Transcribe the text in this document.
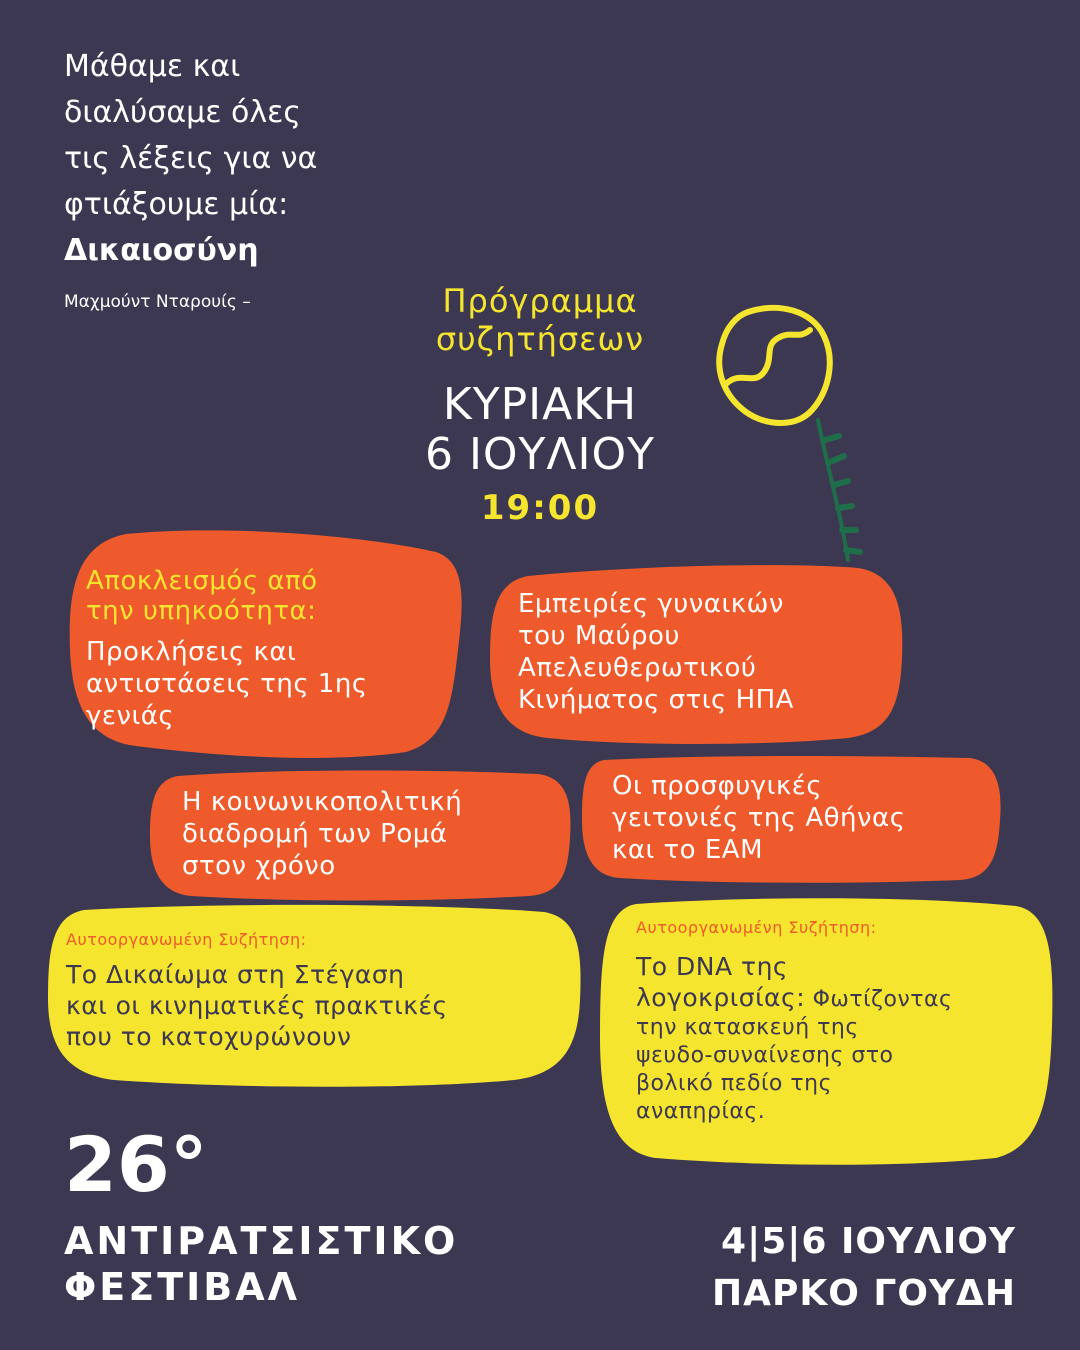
Μάθαμε και
διαλύσαμε όλες
τις λέξεις για να
φτιάξουμε μία:
Δικαιοσύνη
Μαχμούντ Νταρουίς –	Πρόγραμμα
συζητήσεων
ΚΥΡΙΑΚΗ
6 ΙΟΥΛΙΟΥ
19:00
Αποκλεισμός από
την υπηκοότητα:
Προκλήσεις και
αντιστάσεις της 1ης
γενιάς
Εμπειρίες γυναικών
του Μαύρου
Απελευθερωτικού
Κινήματος στις ΗΠΑ
Η κοινωνικοπολιτική
διαδρομή των Ρομά
στον χρόνο
Οι προσφυγικές
γειτονιές της Αθήνας
και το ΕΑΜ
Αυτοοργανωμένη Συζήτηση:
Το Δικαίωμα στη Στέγαση
και οι κινηματικές πρακτικές
που το κατοχυρώνουν
Αυτοοργανωμένη Συζήτηση:
Το DNA της
λογοκρισίας: Φωτίζοντας
την κατασκευή της
ψευδο-συναίνεσης στο
βολικό πεδίο της
αναπηρίας.
26°
ΑΝΤΙΡΑΤΣΙΣΤΙΚΟ
ΦΕΣΤΙΒΑΛ
4|5|6 ΙΟΥΛΙΟΥ
ΠΑΡΚΟ ΓΟΥΔΗ
